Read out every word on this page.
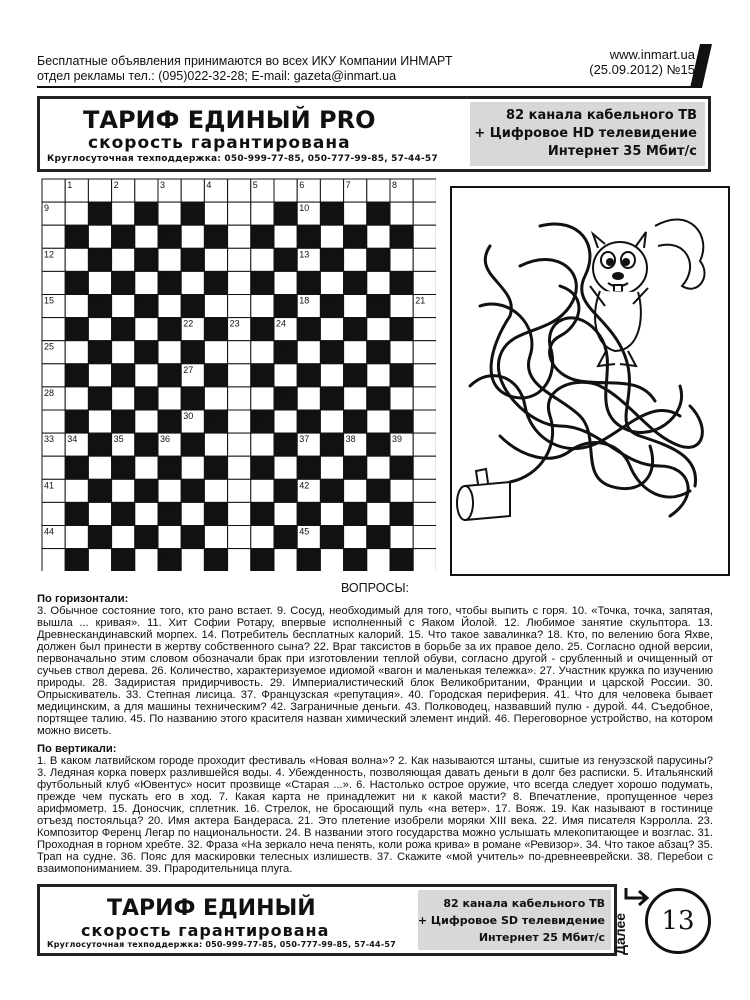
Бесплатные объявления принимаются во всех ИКУ Компании ИНМАРТ
отдел рекламы тел.: (095)022-32-28; E-mail: gazeta@inmart.ua
www.inmart.ua
(25.09.2012) №15
ТАРИФ ЕДИНЫЙ PRO
скорость гарантирована
Круглосуточная техподдержка: 050-999-77-85, 050-777-99-85, 57-44-57
82 канала кабельного ТВ
+ Цифровое HD телевидение
Интернет 35 Мбит/с
1	2	3	4	5	6	7	8
9	10
11
12	13
14
15	16	17	18 19	20	21
22	23	24
25	26
27
28	29
30 31	32
33 34	35	36	37	38	39
40
41	42
43
44	45
46
ВОПРОСЫ:
По горизонтали:
3. Обычное состояние того, кто рано встает. 9. Сосуд, необходимый для того, чтобы выпить с горя. 10. «Точка, точка, запятая, вышла ... кривая». 11. Хит Софии Ротару, впервые исполненный с Яаком Йолой. 12. Любимое занятие скульптора. 13. Древнескандинавский морпех. 14. Потребитель бесплатных калорий. 15. Что такое завалинка? 18. Кто, по велению бога Яхве, должен был принести в жертву собственного сына? 22. Враг таксистов в борьбе за их правое дело. 25. Согласно одной версии, первоначально этим словом обозначали брак при изготовлении теплой обуви, согласно другой - срубленный и очищенный от сучьев ствол дерева. 26. Количество, характеризуемое идиомой «вагон и маленькая тележка». 27. Участник кружка по изучению природы. 28. Задиристая придирчивость. 29. Империалистический блок Великобритании, Франции и царской России. 30. Опрыскиватель. 33. Степная лисица. 37. Французская «репутация». 40. Городская периферия. 41. Что для человека бывает медицинским, а для машины техническим? 42. Заграничные деньги. 43. Полководец, назвавший пулю - дурой. 44. Съедобное, портящее талию. 45. По названию этого красителя назван химический элемент индий. 46. Переговорное устройство, на котором можно висеть.
По вертикали:
1. В каком латвийском городе проходит фестиваль «Новая волна»? 2. Как называются штаны, сшитые из генуэзской парусины? 3. Ледяная корка поверх разлившейся воды. 4. Убежденность, позволяющая давать деньги в долг без расписки. 5. Итальянский футбольный клуб «Ювентус» носит прозвище «Старая ...». 6. Настолько острое оружие, что всегда следует хорошо подумать, прежде чем пускать его в ход. 7. Какая карта не принадлежит ни к какой масти? 8. Впечатление, пропущенное через арифмометр. 15. Доносчик, сплетник. 16. Стрелок, не бросающий пуль «на ветер». 17. Вояж. 19. Как называют в гостинице отъезд постояльца? 20. Имя актера Бандераса. 21. Это плетение изобрели моряки XIII века. 22. Имя писателя Кэрролла. 23. Композитор Ференц Легар по национальности. 24. В названии этого государства можно услышать млекопитающее и возглас. 31. Проходная в горном хребте. 32. Фраза «На зеркало неча пенять, коли рожа крива» в романе «Ревизор». 34. Что такое абзац? 35. Трап на судне. 36. Пояс для маскировки телесных излишеств. 37. Скажите «мой учитель» по-древнееврейски. 38. Перебои с взаимопониманием. 39. Прародительница плуга.
ТАРИФ ЕДИНЫЙ
скорость гарантирована
Круглосуточная техподдержка: 050-999-77-85, 050-777-99-85, 57-44-57
82 канала кабельного ТВ
+ Цифровое SD телевидение
Интернет 25 Мбит/с Далее	13
